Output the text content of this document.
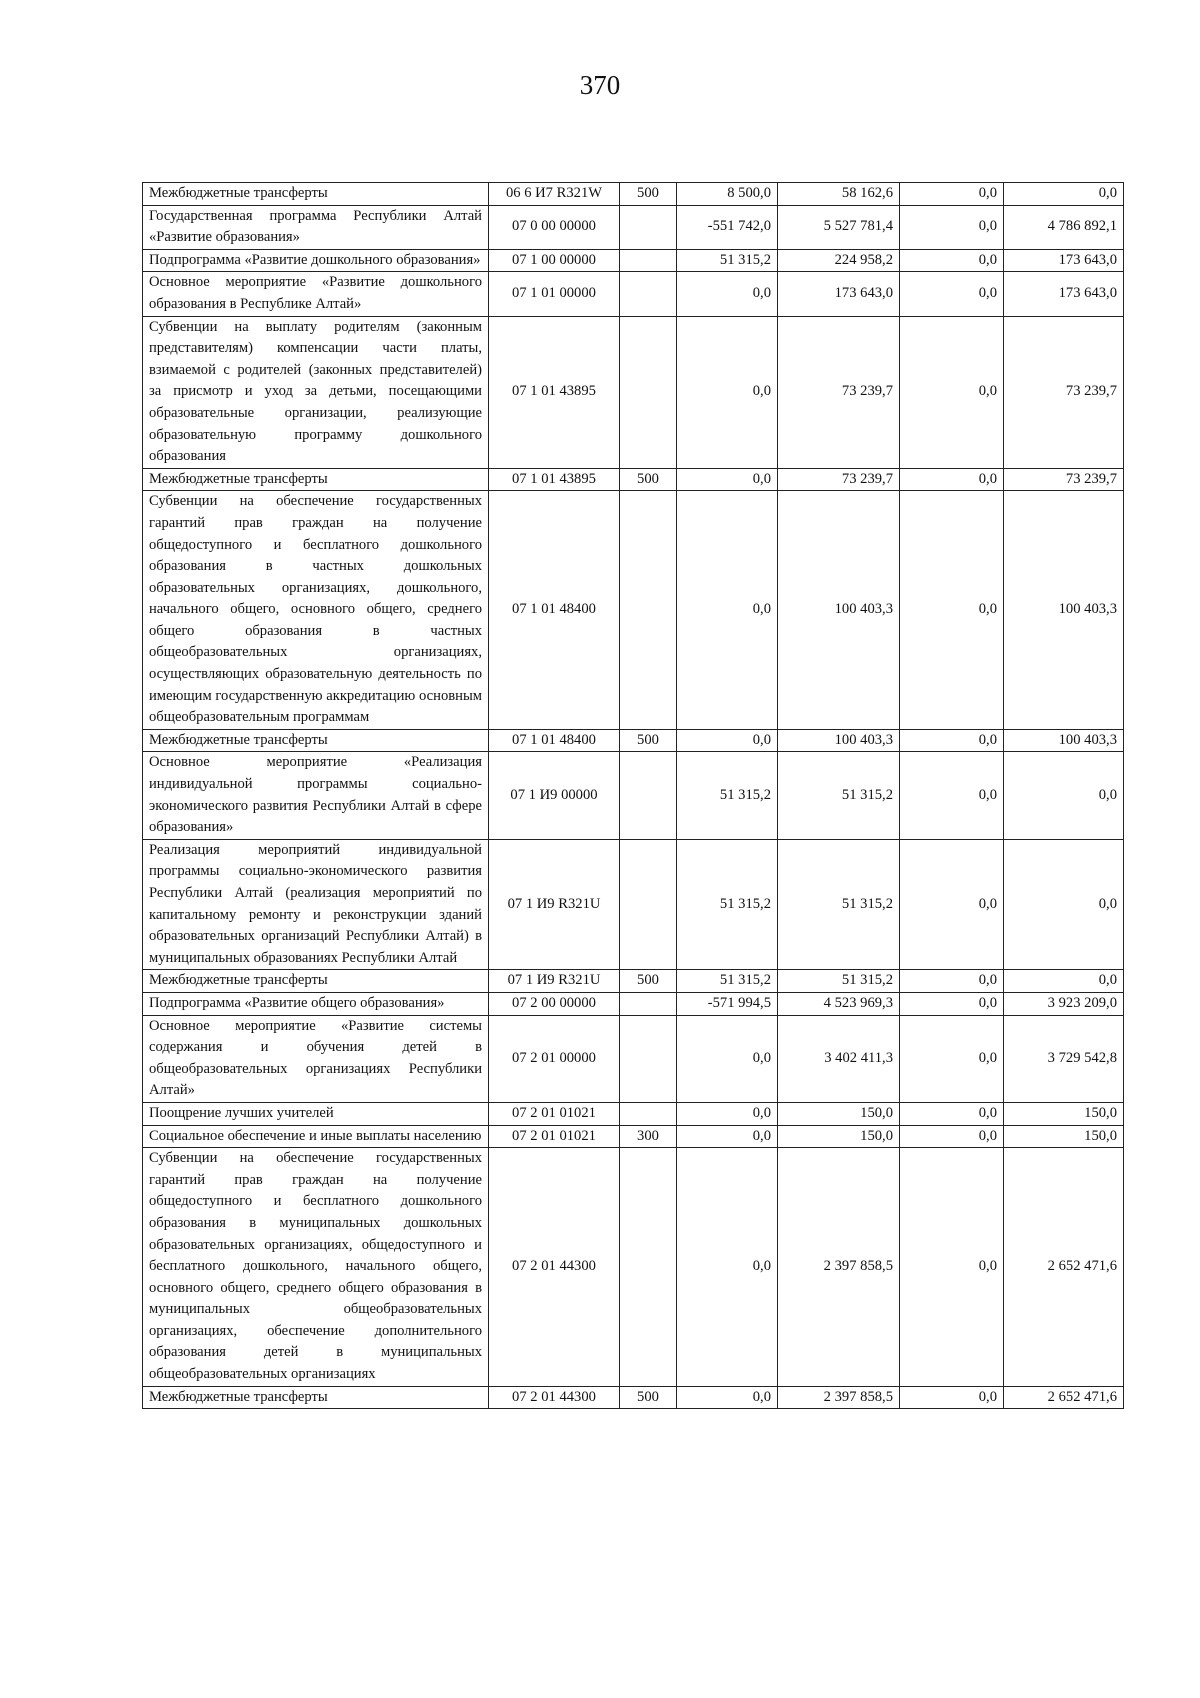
370
Межбюджетные трансферты	06 6 И7 R321W	500	8 500,0	58 162,6	0,0	0,0
Государственная программа Республики Алтай «Развитие образования»	07 0 00 00000		-551 742,0	5 527 781,4	0,0	4 786 892,1
Подпрограмма «Развитие дошкольного образования»	07 1 00 00000		51 315,2	224 958,2	0,0	173 643,0
Основное мероприятие «Развитие дошкольного образования в Республике Алтай»	07 1 01 00000		0,0	173 643,0	0,0	173 643,0
Субвенции на выплату родителям (законным представителям) компенсации части платы, взимаемой с родителей (законных представителей) за присмотр и уход за детьми, посещающими образовательные организации, реализующие образовательную программу дошкольного образования	07 1 01 43895		0,0	73 239,7	0,0	73 239,7
Межбюджетные трансферты	07 1 01 43895	500	0,0	73 239,7	0,0	73 239,7
Субвенции на обеспечение государственных гарантий прав граждан на получение общедоступного и бесплатного дошкольного образования в частных дошкольных образовательных организациях, дошкольного, начального общего, основного общего, среднего общего образования в частных общеобразовательных организациях, осуществляющих образовательную деятельность по имеющим государственную аккредитацию основным общеобразовательным программам	07 1 01 48400		0,0	100 403,3	0,0	100 403,3
Межбюджетные трансферты	07 1 01 48400	500	0,0	100 403,3	0,0	100 403,3
Основное мероприятие «Реализация индивидуальной программы социально-экономического развития Республики Алтай в сфере образования»	07 1 И9 00000		51 315,2	51 315,2	0,0	0,0
Реализация мероприятий индивидуальной программы социально-экономического развития Республики Алтай (реализация мероприятий по капитальному ремонту и реконструкции зданий образовательных организаций Республики Алтай) в муниципальных образованиях Республики Алтай	07 1 И9 R321U		51 315,2	51 315,2	0,0	0,0
Межбюджетные трансферты	07 1 И9 R321U	500	51 315,2	51 315,2	0,0	0,0
Подпрограмма «Развитие общего образования»	07 2 00 00000		-571 994,5	4 523 969,3	0,0	3 923 209,0
Основное мероприятие «Развитие системы содержания и обучения детей в общеобразовательных организациях Республики Алтай»	07 2 01 00000		0,0	3 402 411,3	0,0	3 729 542,8
Поощрение лучших учителей	07 2 01 01021		0,0	150,0	0,0	150,0
Социальное обеспечение и иные выплаты населению	07 2 01 01021	300	0,0	150,0	0,0	150,0
Субвенции на обеспечение государственных гарантий прав граждан на получение общедоступного и бесплатного дошкольного образования в муниципальных дошкольных образовательных организациях, общедоступного и бесплатного дошкольного, начального общего, основного общего, среднего общего образования в муниципальных общеобразовательных организациях, обеспечение дополнительного образования детей в муниципальных общеобразовательных организациях	07 2 01 44300		0,0	2 397 858,5	0,0	2 652 471,6
Межбюджетные трансферты	07 2 01 44300	500	0,0	2 397 858,5	0,0	2 652 471,6
